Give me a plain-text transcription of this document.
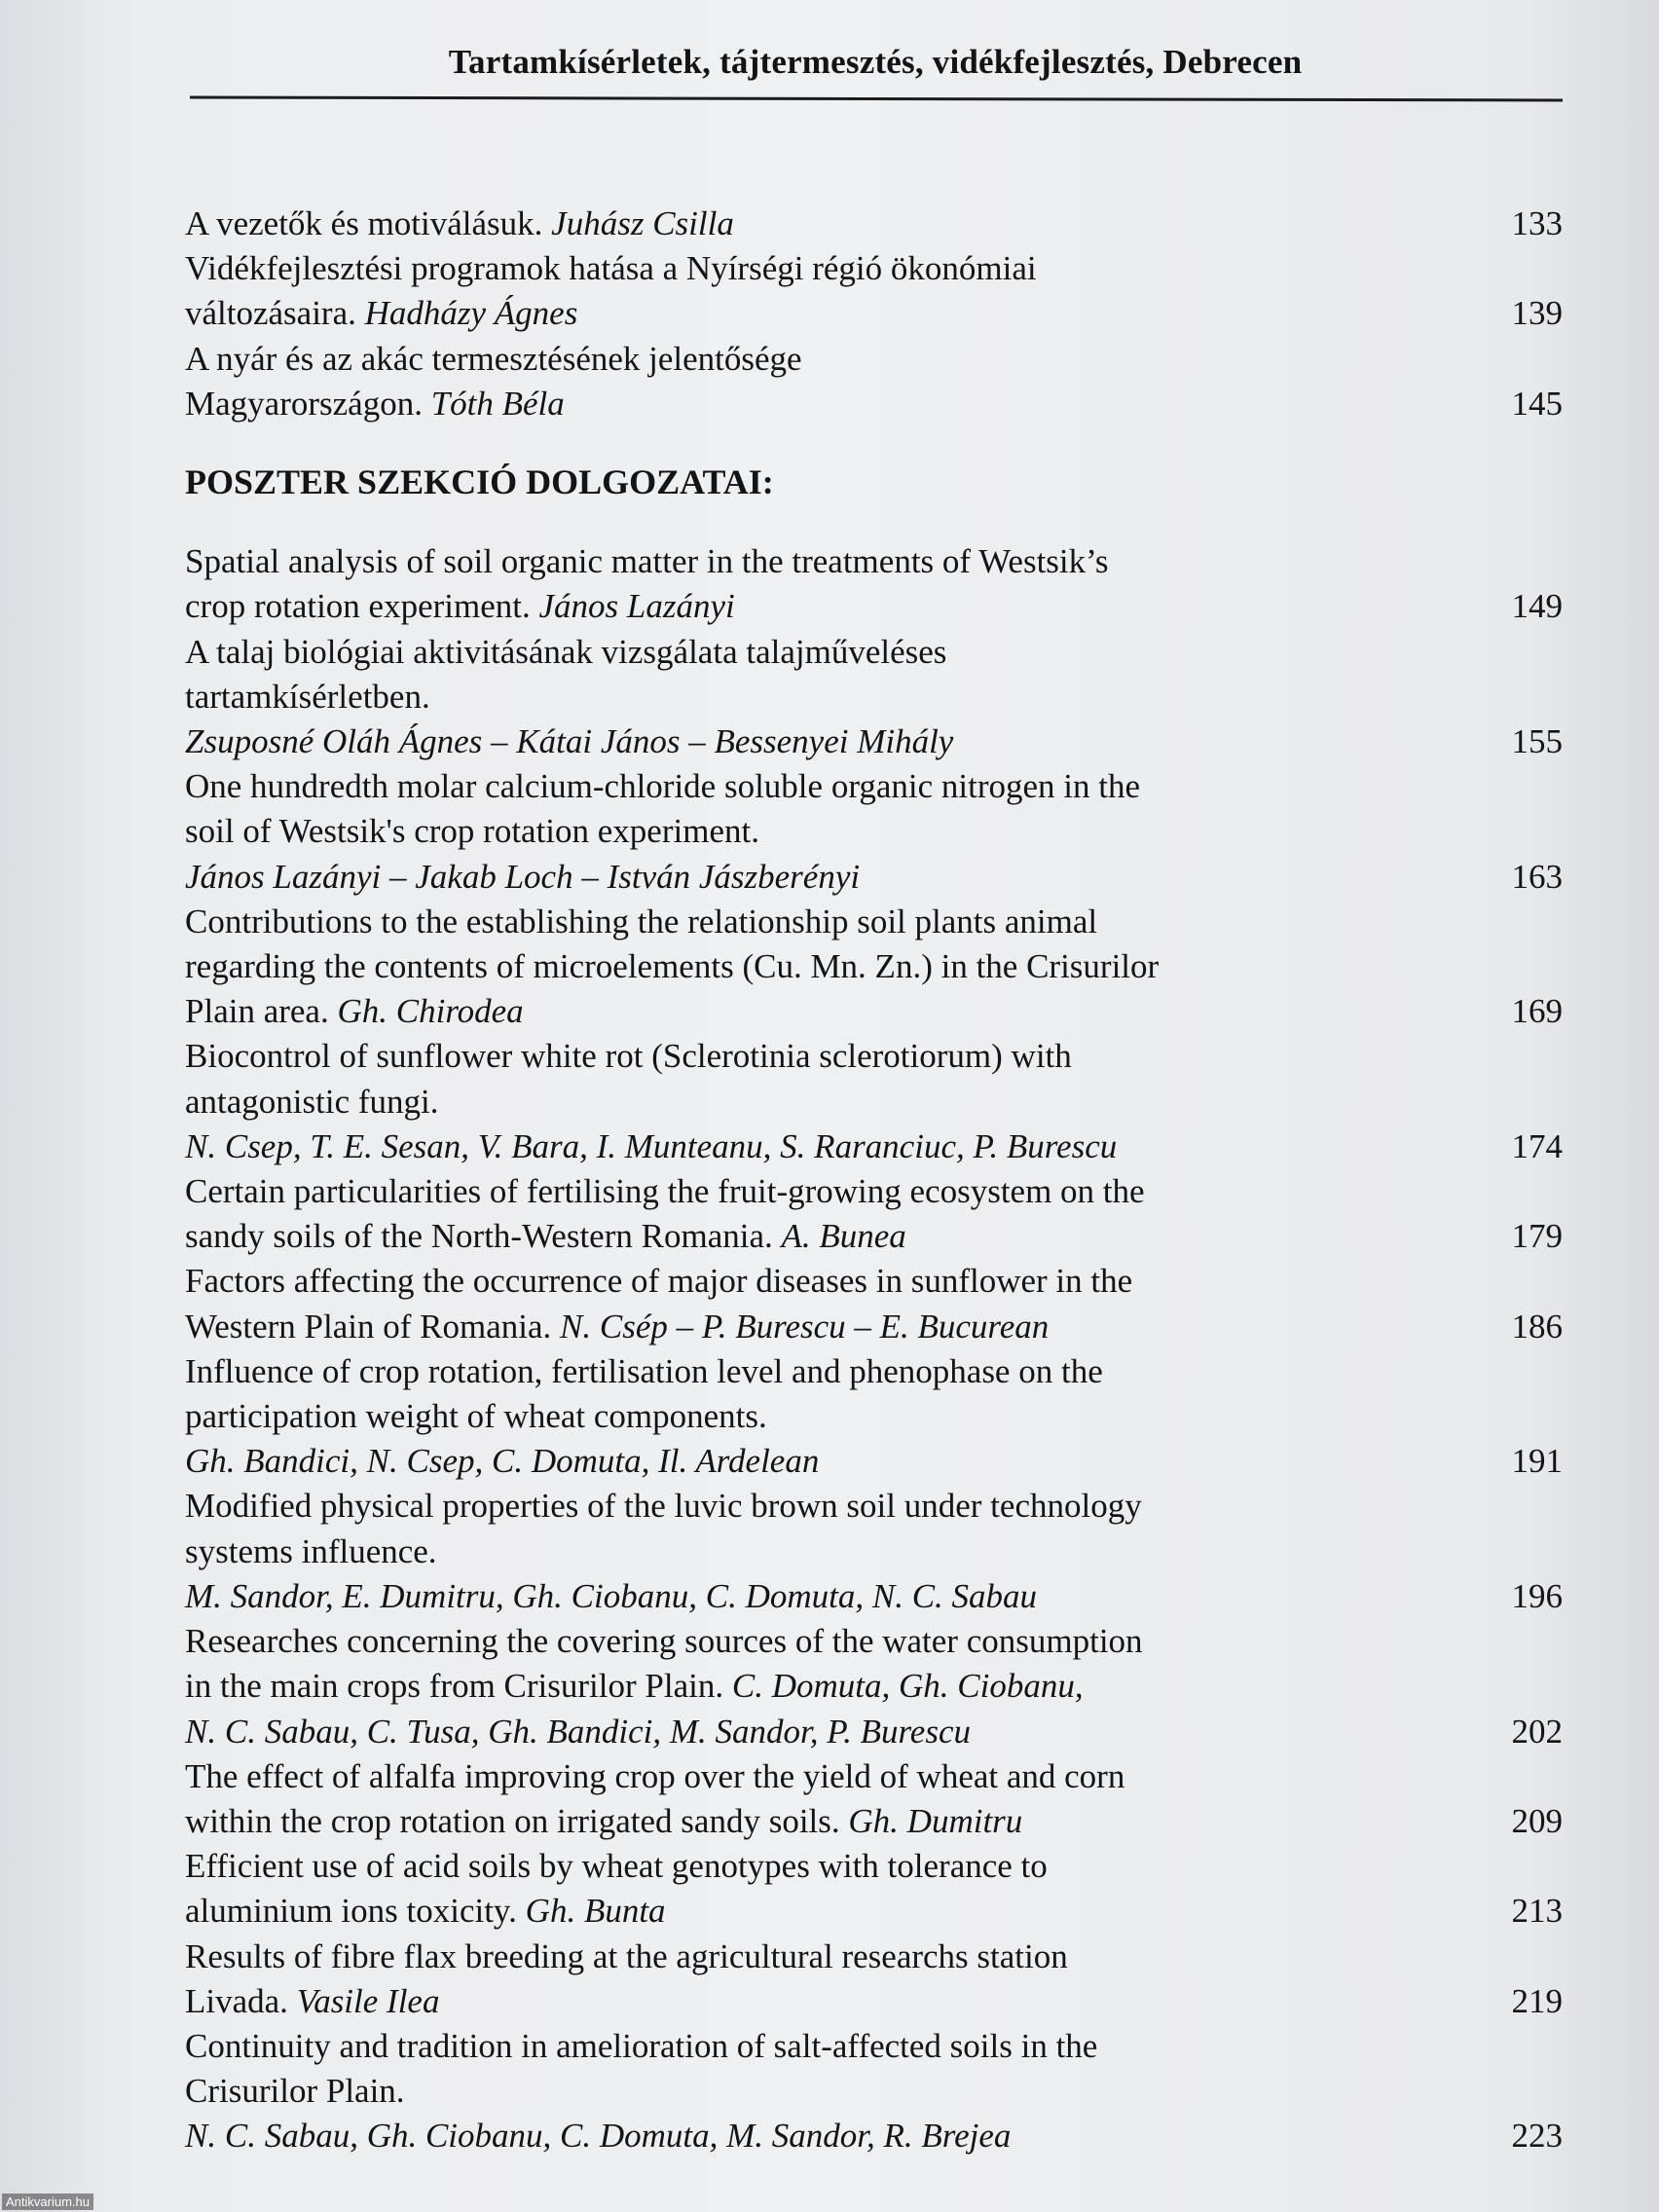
Tartamkísérletek, tájtermesztés, vidékfejlesztés, Debrecen
A vezetők és motiválásuk. Juhász Csilla	133
Vidékfejlesztési programok hatása a Nyírségi régió ökonómiai
változásaira. Hadházy Ágnes	139
A nyár és az akác termesztésének jelentősége
Magyarországon. Tóth Béla	145
POSZTER SZEKCIÓ DOLGOZATAI:
Spatial analysis of soil organic matter in the treatments of Westsik’s
crop rotation experiment. János Lazányi	149
A talaj biológiai aktivitásának vizsgálata talajműveléses
tartamkísérletben.
Zsuposné Oláh Ágnes – Kátai János – Bessenyei Mihály	155
One hundredth molar calcium-chloride soluble organic nitrogen in the
soil of Westsik's crop rotation experiment.
János Lazányi – Jakab Loch – István Jászberényi	163
Contributions to the establishing the relationship soil plants animal
regarding the contents of microelements (Cu. Mn. Zn.) in the Crisurilor
Plain area. Gh. Chirodea	169
Biocontrol of sunflower white rot (Sclerotinia sclerotiorum) with
antagonistic fungi.
N. Csep, T. E. Sesan, V. Bara, I. Munteanu, S. Raranciuc, P. Burescu	174
Certain particularities of fertilising the fruit-growing ecosystem on the
sandy soils of the North-Western Romania. A. Bunea	179
Factors affecting the occurrence of major diseases in sunflower in the
Western Plain of Romania. N. Csép – P. Burescu – E. Bucurean	186
Influence of crop rotation, fertilisation level and phenophase on the
participation weight of wheat components.
Gh. Bandici, N. Csep, C. Domuta, Il. Ardelean	191
Modified physical properties of the luvic brown soil under technology
systems influence.
M. Sandor, E. Dumitru, Gh. Ciobanu, C. Domuta, N. C. Sabau	196
Researches concerning the covering sources of the water consumption
in the main crops from Crisurilor Plain. C. Domuta, Gh. Ciobanu,
N. C. Sabau, C. Tusa, Gh. Bandici, M. Sandor, P. Burescu	202
The effect of alfalfa improving crop over the yield of wheat and corn
within the crop rotation on irrigated sandy soils. Gh. Dumitru	209
Efficient use of acid soils by wheat genotypes with tolerance to
aluminium ions toxicity. Gh. Bunta	213
Results of fibre flax breeding at the agricultural researchs station
Livada. Vasile Ilea	219
Continuity and tradition in amelioration of salt-affected soils in the
Crisurilor Plain.
N. C. Sabau, Gh. Ciobanu, C. Domuta, M. Sandor, R. Brejea	223
Antikvarium.hu
